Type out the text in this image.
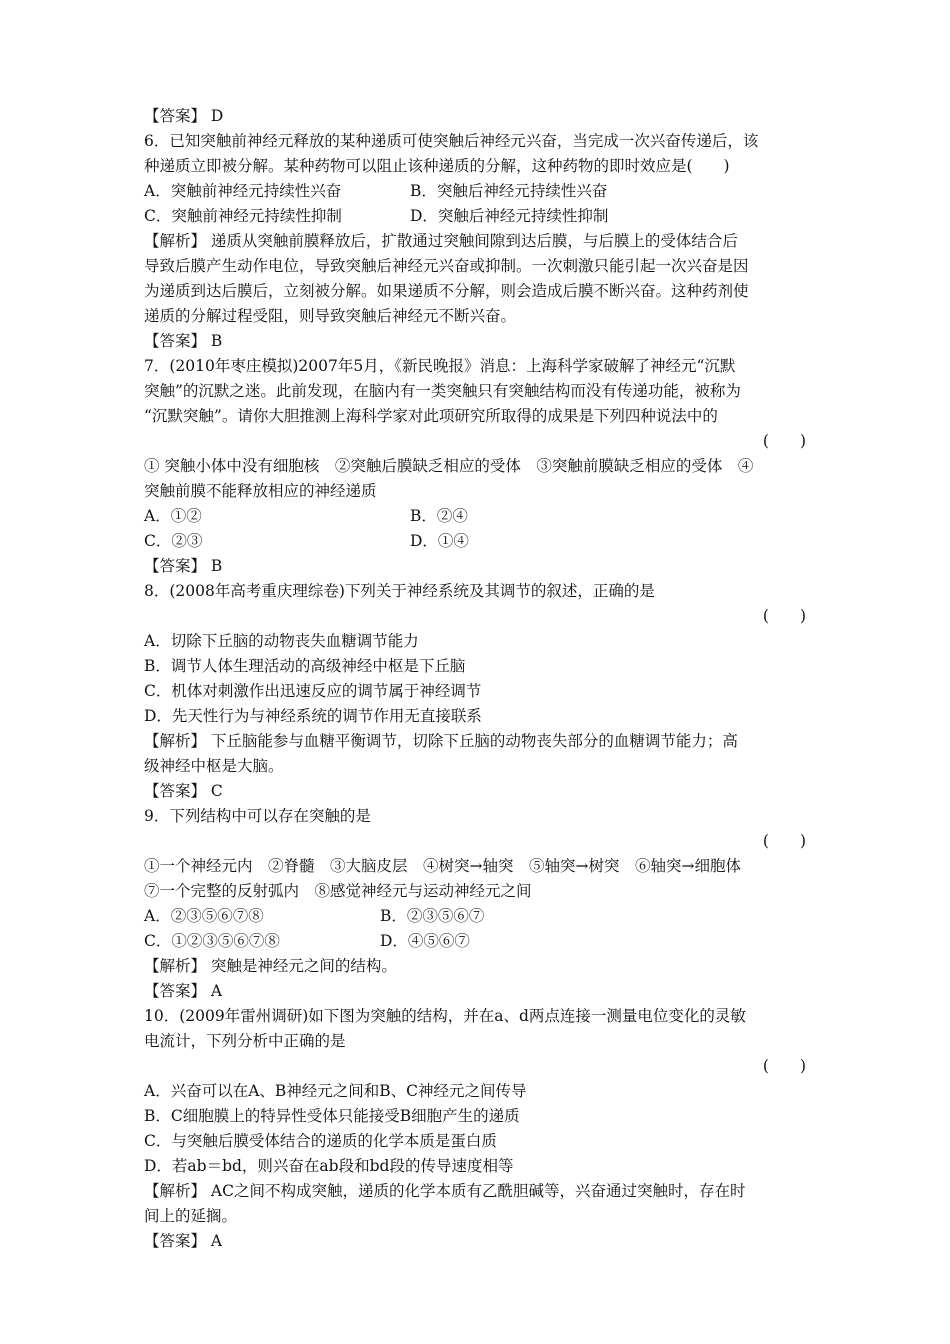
【答案】 D
6．已知突触前神经元释放的某种递质可使突触后神经元兴奋，当完成一次兴奋传递后，该
种递质立即被分解。某种药物可以阻止该种递质的分解，这种药物的即时效应是(　　)
A．突触前神经元持续性兴奋	B．突触后神经元持续性兴奋
C．突触前神经元持续性抑制	D．突触后神经元持续性抑制
【解析】 递质从突触前膜释放后，扩散通过突触间隙到达后膜，与后膜上的受体结合后
导致后膜产生动作电位，导致突触后神经元兴奋或抑制。一次刺激只能引起一次兴奋是因
为递质到达后膜后，立刻被分解。如果递质不分解，则会造成后膜不断兴奋。这种药剂使
递质的分解过程受阻，则导致突触后神经元不断兴奋。
【答案】 B
7．(2010年枣庄模拟)2007年5月，《新民晚报》消息：上海科学家破解了神经元“沉默
突触”的沉默之迷。此前发现，在脑内有一类突触只有突触结构而没有传递功能，被称为
“沉默突触”。请你大胆推测上海科学家对此项研究所取得的成果是下列四种说法中的
(　　)
① 突触小体中没有细胞核　②突触后膜缺乏相应的受体　③突触前膜缺乏相应的受体　④
突触前膜不能释放相应的神经递质
A．①②	B．②④
C．②③	D．①④
【答案】 B
8．(2008年高考重庆理综卷)下列关于神经系统及其调节的叙述，正确的是
(　　)
A．切除下丘脑的动物丧失血糖调节能力
B．调节人体生理活动的高级神经中枢是下丘脑
C．机体对刺激作出迅速反应的调节属于神经调节
D．先天性行为与神经系统的调节作用无直接联系
【解析】 下丘脑能参与血糖平衡调节，切除下丘脑的动物丧失部分的血糖调节能力；高
级神经中枢是大脑。
【答案】 C
9．下列结构中可以存在突触的是
(　　)
①一个神经元内　②脊髓　③大脑皮层　④树突→轴突　⑤轴突→树突　⑥轴突→细胞体
⑦一个完整的反射弧内　⑧感觉神经元与运动神经元之间
A．②③⑤⑥⑦⑧	B．②③⑤⑥⑦
C．①②③⑤⑥⑦⑧	D．④⑤⑥⑦
【解析】 突触是神经元之间的结构。
【答案】 A
10．(2009年雷州调研)如下图为突触的结构，并在a、d两点连接一测量电位变化的灵敏
电流计，下列分析中正确的是
(　　)
A．兴奋可以在A、B神经元之间和B、C神经元之间传导
B．C细胞膜上的特异性受体只能接受B细胞产生的递质
C．与突触后膜受体结合的递质的化学本质是蛋白质
D．若ab＝bd，则兴奋在ab段和bd段的传导速度相等
【解析】 AC之间不构成突触，递质的化学本质有乙酰胆碱等，兴奋通过突触时，存在时
间上的延搁。
【答案】 A
